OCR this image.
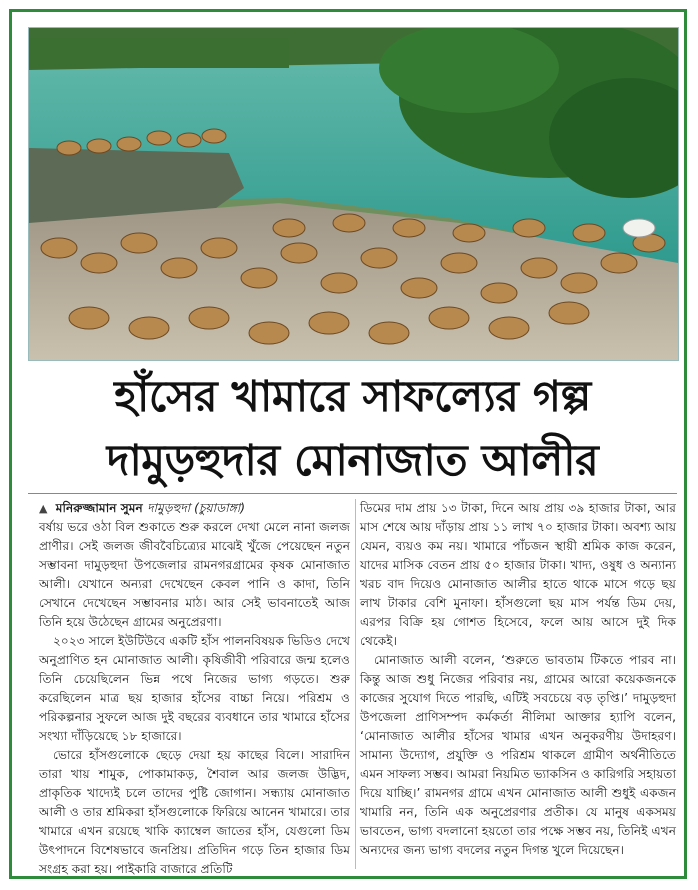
হাঁসের খামারে সাফল্যের গল্প
দামুড়হুদার মোনাজাত আলীর
▲ মনিরুজ্জামান সুমন দামুড়হুদা (চুয়াডাঙ্গা)

বর্ষায় ভরে ওঠা বিল শুকাতে শুরু করলে দেখা মেলে নানা জলজ প্রাণীর। সেই জলজ জীববৈচিত্র্যের মাঝেই খুঁজে পেয়েছেন নতুন সম্ভাবনা দামুড়হুদা উপজেলার রামনগরগ্রামের কৃষক মোনাজাত আলী। যেখানে অন্যরা দেখেছেন কেবল পানি ও কাদা, তিনি সেখানে দেখেছেন সম্ভাবনার মাঠ। আর সেই ভাবনাতেই আজ তিনি হয়ে উঠেছেন গ্রামের অনুপ্রেরণা।

২০২৩ সালে ইউটিউবে একটি হাঁস পালনবিষয়ক ভিডিও দেখে অনুপ্রাণিত হন মোনাজাত আলী। কৃষিজীবী পরিবারে জন্ম হলেও তিনি চেয়েছিলেন ভিন্ন পথে নিজের ভাগ্য গড়তে। শুরু করেছিলেন মাত্র ছয় হাজার হাঁসের বাচ্চা নিয়ে। পরিশ্রম ও পরিকল্পনার সুফলে আজ দুই বছরের ব্যবধানে তার খামারে হাঁসের সংখ্যা দাঁড়িয়েছে ১৮ হাজারে।

ভোরে হাঁসগুলোকে ছেড়ে দেয়া হয় কাছের বিলে। সারাদিন তারা খায় শামুক, পোকামাকড়, শৈবাল আর জলজ উদ্ভিদ, প্রাকৃতিক খাদ্যেই চলে তাদের পুষ্টি জোগান। সন্ধ্যায় মোনাজাত আলী ও তার শ্রমিকরা হাঁসগুলোকে ফিরিয়ে আনেন খামারে। তার খামারে এখন রয়েছে খাকি ক্যাম্বেল জাতের হাঁস, যেগুলো ডিম উৎপাদনে বিশেষভাবে জনপ্রিয়। প্রতিদিন গড়ে তিন হাজার ডিম সংগ্রহ করা হয়। পাইকারি বাজারে প্রতিটি

ডিমের দাম প্রায় ১৩ টাকা, দিনে আয় প্রায় ৩৯ হাজার টাকা, আর মাস শেষে আয় দাঁড়ায় প্রায় ১১ লাখ ৭০ হাজার টাকা। অবশ্য আয় যেমন, ব্যয়ও কম নয়। খামারে পাঁচজন স্থায়ী শ্রমিক কাজ করেন, যাদের মাসিক বেতন প্রায় ৫০ হাজার টাকা। খাদ্য, ওষুধ ও অন্যান্য খরচ বাদ দিয়েও মোনাজাত আলীর হাতে থাকে মাসে গড়ে ছয় লাখ টাকার বেশি মুনাফা। হাঁসগুলো ছয় মাস পর্যন্ত ডিম দেয়, এরপর বিক্রি হয় গোশত হিসেবে, ফলে আয় আসে দুই দিক থেকেই।

মোনাজাত আলী বলেন, ‘শুরুতে ভাবতাম টিকতে পারব না। কিন্তু আজ শুধু নিজের পরিবার নয়, গ্রামের আরো কয়েকজনকে কাজের সুযোগ দিতে পারছি, এটিই সবচেয়ে বড় তৃপ্তি।’ দামুড়হুদা উপজেলা প্রাণিসম্পদ কর্মকর্তা নীলিমা আক্তার হ্যাপি বলেন, ‘মোনাজাত আলীর হাঁসের খামার এখন অনুকরণীয় উদাহরণ। সামান্য উদ্যোগ, প্রযুক্তি ও পরিশ্রম থাকলে গ্রামীণ অর্থনীতিতে এমন সাফল্য সম্ভব। আমরা নিয়মিত ভ্যাকসিন ও কারিগরি সহায়তা দিয়ে যাচ্ছি।’ রামনগর গ্রামে এখন মোনাজাত আলী শুধুই একজন খামারি নন, তিনি এক অনুপ্রেরণার প্রতীক। যে মানুষ একসময় ভাবতেন, ভাগ্য বদলানো হয়তো তার পক্ষে সম্ভব নয়, তিনিই এখন অন্যদের জন্য ভাগ্য বদলের নতুন দিগন্ত খুলে দিয়েছেন।
